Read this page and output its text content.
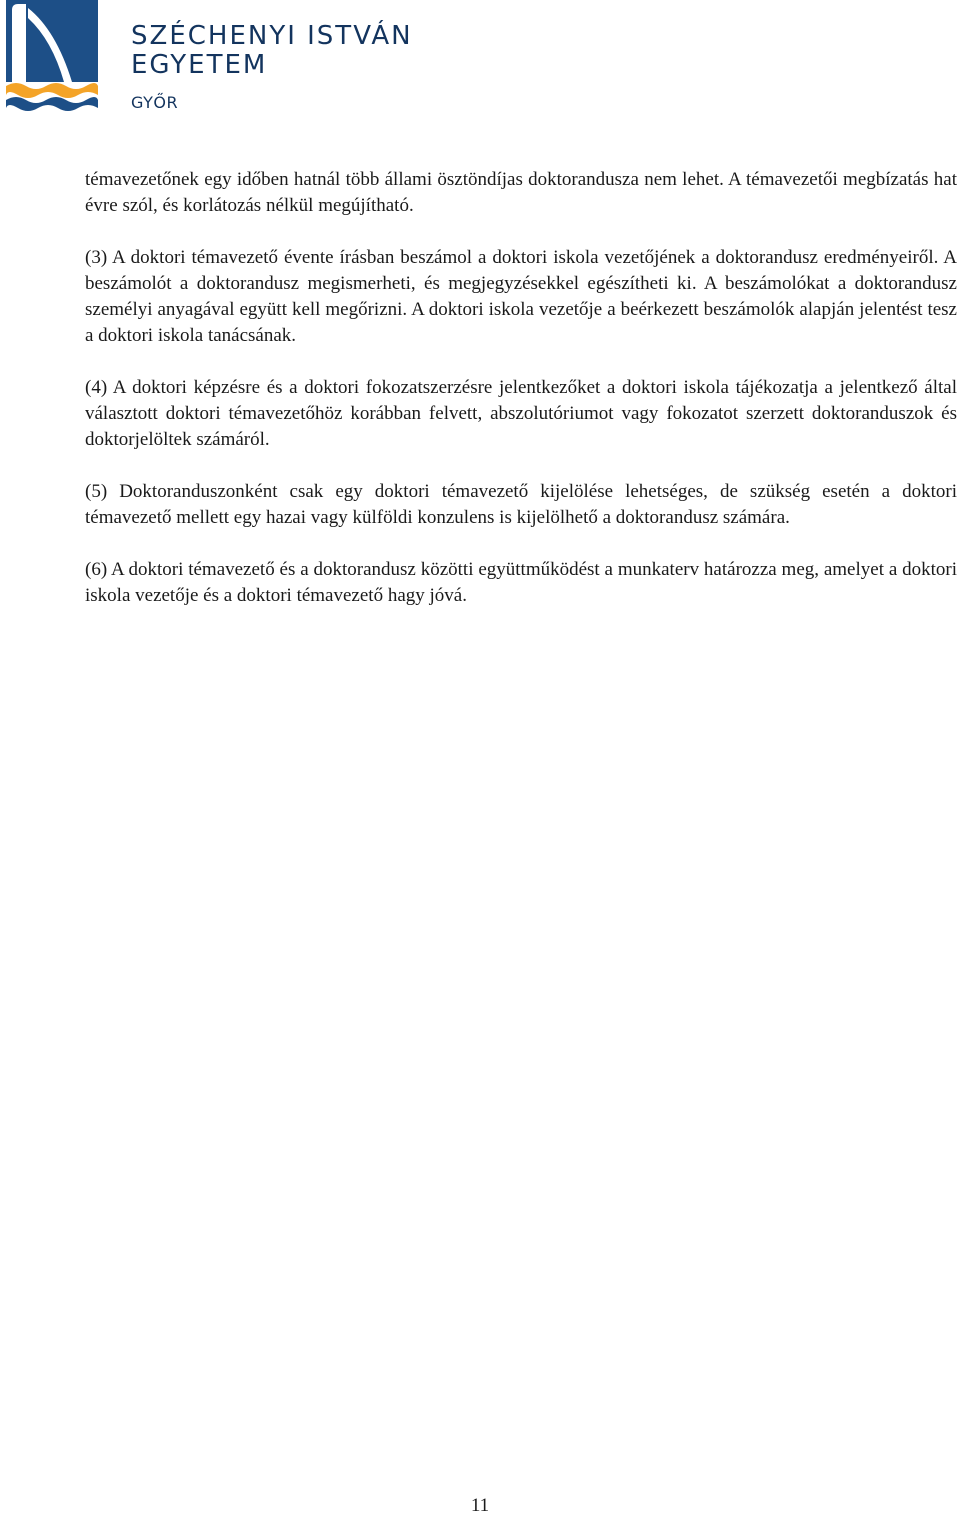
SZÉCHENYI ISTVÁN
EGYETEM
GYŐR

témavezetőnek egy időben hatnál több állami ösztöndíjas doktorandusza nem lehet. A témavezetői megbízatás hat évre szól, és korlátozás nélkül megújítható.

(3) A doktori témavezető évente írásban beszámol a doktori iskola vezetőjének a doktorandusz eredményeiről. A beszámolót a doktorandusz megismerheti, és megjegyzésekkel egészítheti ki. A beszámolókat a doktorandusz személyi anyagával együtt kell megőrizni. A doktori iskola vezetője a beérkezett beszámolók alapján jelentést tesz a doktori iskola tanácsának.

(4) A doktori képzésre és a doktori fokozatszerzésre jelentkezőket a doktori iskola tájékozatja a jelentkező által választott doktori témavezetőhöz korábban felvett, abszolutóriumot vagy fokozatot szerzett doktoranduszok és doktorjelöltek számáról.

(5) Doktoranduszonként csak egy doktori témavezető kijelölése lehetséges, de szükség esetén a doktori témavezető mellett egy hazai vagy külföldi konzulens is kijelölhető a doktorandusz számára.

(6) A doktori témavezető és a doktorandusz közötti együttműködést a munkaterv határozza meg, amelyet a doktori iskola vezetője és a doktori témavezető hagy jóvá.

11
